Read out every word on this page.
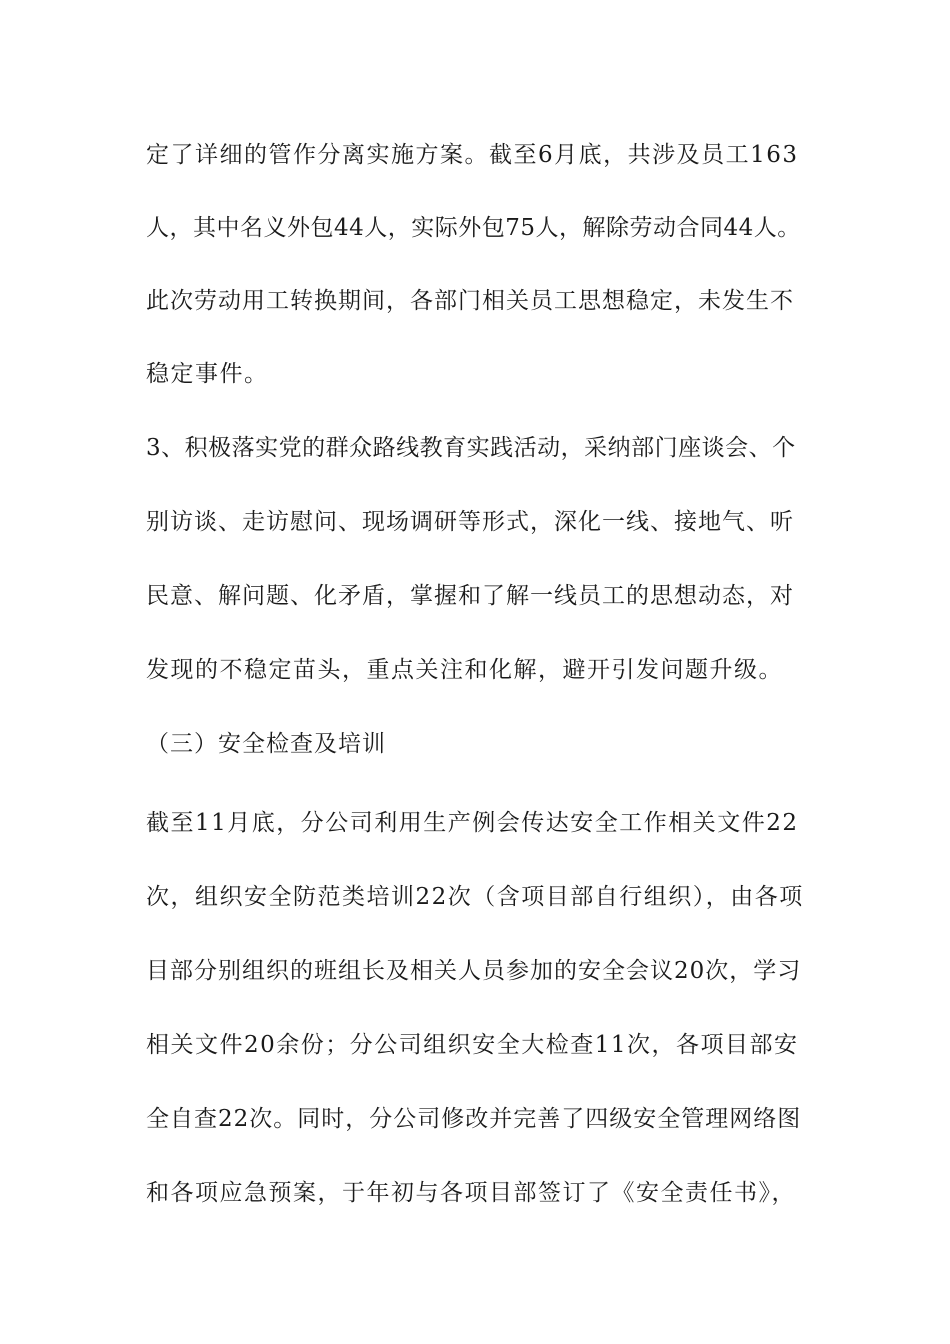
定了详细的管作分离实施方案。截至6月底，共涉及员工163
人，其中名义外包44人，实际外包75人，解除劳动合同44人。
此次劳动用工转换期间，各部门相关员工思想稳定，未发生不
稳定事件。
3、积极落实党的群众路线教育实践活动，采纳部门座谈会、个
别访谈、走访慰问、现场调研等形式，深化一线、接地气、听
民意、解问题、化矛盾，掌握和了解一线员工的思想动态，对
发现的不稳定苗头，重点关注和化解，避开引发问题升级。
（三）安全检查及培训
截至11月底，分公司利用生产例会传达安全工作相关文件22
次，组织安全防范类培训22次（含项目部自行组织），由各项
目部分别组织的班组长及相关人员参加的安全会议20次，学习
相关文件20余份；分公司组织安全大检查11次，各项目部安
全自查22次。同时，分公司修改并完善了四级安全管理网络图
和各项应急预案，于年初与各项目部签订了《安全责任书》，
